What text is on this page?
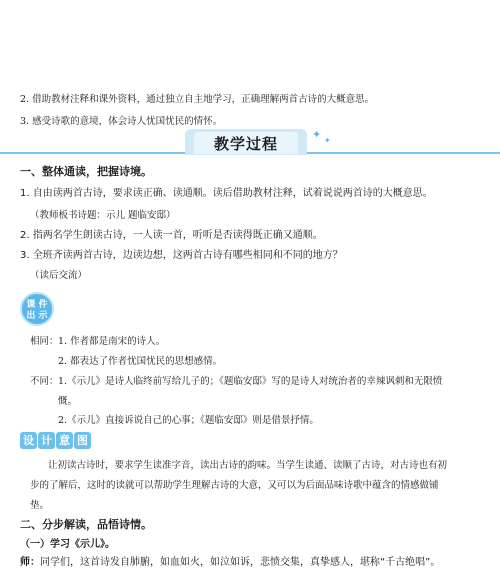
2. 借助教材注释和课外资料，通过独立自主地学习，正确理解两首古诗的大概意思。
3. 感受诗歌的意境，体会诗人忧国忧民的情怀。
教学过程
✦ ✦
一、整体通读，把握诗境。
1. 自由读两首古诗，要求读正确、读通顺。读后借助教材注释，试着说说两首诗的大概意思。
（教师板书诗题：示儿 题临安邸）
2. 指两名学生朗读古诗，一人读一首，听听是否读得既正确又通顺。
3. 全班齐读两首古诗，边读边想，这两首古诗有哪些相同和不同的地方？
（读后交流）
课 件
出 示
相同： 1. 作者都是南宋的诗人。
2. 都表达了作者忧国忧民的思想感情。
不同： 1.《示儿》是诗人临终前写给儿子的；《题临安邸》写的是诗人对统治者的幸辣讽刺和无限愤
慨。
2.《示儿》直接诉说自己的心事；《题临安邸》则是借景抒情。
设 计 意 图
让初读古诗时，要求学生读准字音，读出古诗的韵味。当学生读通、读顺了古诗，对古诗也有初
步的了解后，这时的读就可以帮助学生理解古诗的大意，又可以为后面品味诗歌中蕴含的情感做铺
垫。
二、分步解读，品悟诗情。
（一）学习《示儿》。
师：同学们，这首诗发自肺腑，如血如火，如泣如诉，悲愤交集，真挚感人，堪称“千古绝唱”。
